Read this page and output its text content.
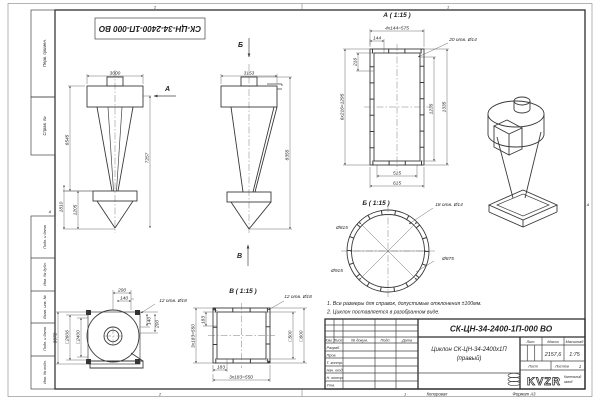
2	1
2	1
А
А
Перв. примен.
Справ. №
Подп. и дата
Инв. № дубл.
Взам. инв. №
Подп. и дата
Инв. № подл.
СК-ЦН-34-2400-1П-000 ВО
3000
6545
7257
1810 1205
А
3153
8355
Б
В
А ( 1:15 )
4x144=575
144	20 отв. Ø14
216
6x216=1295	1235 1335
515
615
Б ( 1:15 )	18 отв. Ø14
Ø815
Ø915
Ø875
3072 □2606 □2400
200
140	12 отв. Ø18
140 200
В ( 1:15 )
183
3x183=550	□500 □600
183
3x183=550
12 отв. Ø18
1. Все размеры для справок, допустимые отклонения ±100мм.
2. Циклон поставляется в разобранном виде.
Изм. Лист № докум.	Подп.	Дата
Разраб.
Пров.
Т. контр.
Нач. отд.
Н. контр.
Утв.
СК-ЦН-34-2400-1П-000 ВО
Циклон СК-ЦН-34-2400х1П
(правый)
Лит.	Масса Масштаб
2157,6 1:75
Лист	Листов 1
KVZR Котельный
завод
Копировал	Формат А3
